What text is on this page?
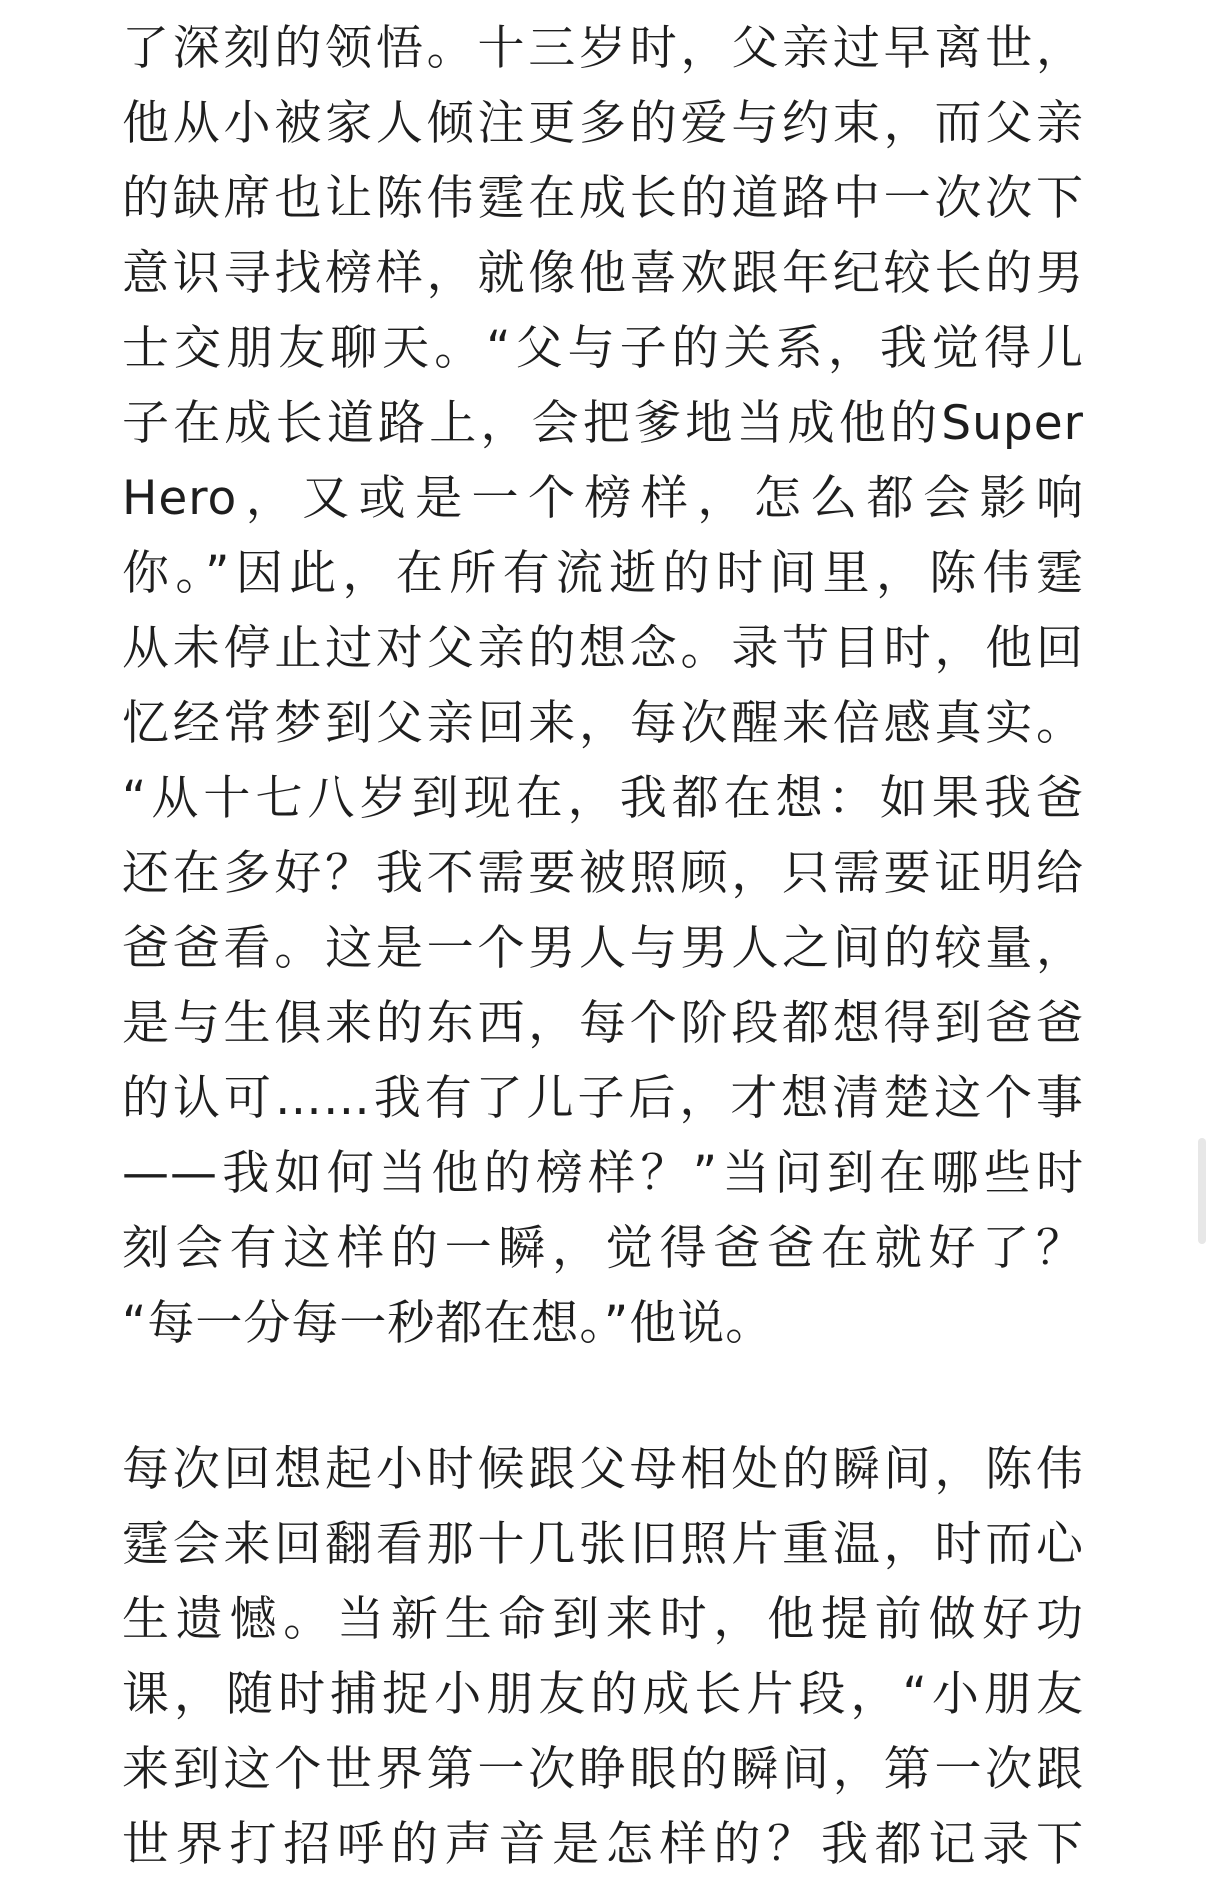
了深刻的领悟。十三岁时，父亲过早离世，
他从小被家人倾注更多的爱与约束，而父亲
的缺席也让陈伟霆在成长的道路中一次次下
意识寻找榜样，就像他喜欢跟年纪较长的男
士交朋友聊天。“父与子的关系，我觉得儿
子在成长道路上，会把爹地当成他的Super
Hero，又或是一个榜样，怎么都会影响
你。”因此，在所有流逝的时间里，陈伟霆
从未停止过对父亲的想念。录节目时，他回
忆经常梦到父亲回来，每次醒来倍感真实。
“从十七八岁到现在，我都在想：如果我爸
还在多好？我不需要被照顾，只需要证明给
爸爸看。这是一个男人与男人之间的较量，
是与生俱来的东西，每个阶段都想得到爸爸
的认可……我有了儿子后，才想清楚这个事
——我如何当他的榜样？”当问到在哪些时
刻会有这样的一瞬，觉得爸爸在就好了？
“每一分每一秒都在想。”他说。
每次回想起小时候跟父母相处的瞬间，陈伟
霆会来回翻看那十几张旧照片重温，时而心
生遗憾。当新生命到来时，他提前做好功
课，随时捕捉小朋友的成长片段，“小朋友
来到这个世界第一次睁眼的瞬间，第一次跟
世界打招呼的声音是怎样的？我都记录下
